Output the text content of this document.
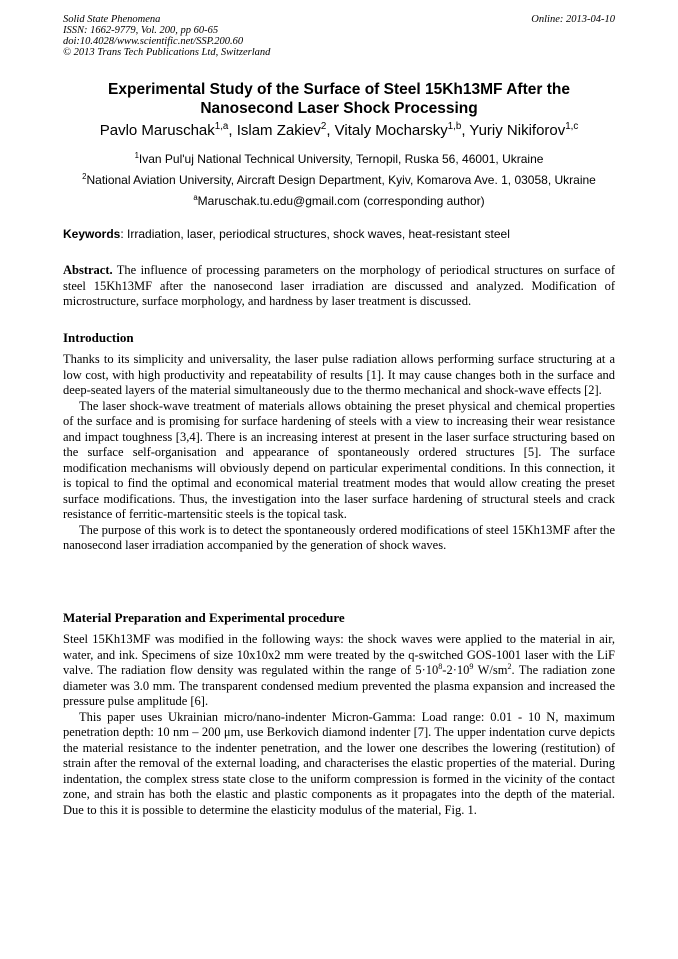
Solid State Phenomena
ISSN: 1662-9779, Vol. 200, pp 60-65
doi:10.4028/www.scientific.net/SSP.200.60
© 2013 Trans Tech Publications Ltd, Switzerland
Online: 2013-04-10
Experimental Study of the Surface of Steel 15Kh13MF After the
Nanosecond Laser Shock Processing
Pavlo Maruschak$^{1,a}$, Islam Zakiev$^2$, Vitaly Mocharsky$^{1,b}$, Yuriy Nikiforov$^{1,c}$
$^1$Ivan Pul'uj National Technical University, Ternopil, Ruska 56, 46001, Ukraine
$^2$National Aviation University, Aircraft Design Department, Kyiv, Komarova Ave. 1, 03058, Ukraine
$^a$Maruschak.tu.edu@gmail.com (corresponding author)
Keywords: Irradiation, laser, periodical structures, shock waves, heat-resistant steel
Abstract. The influence of processing parameters on the morphology of periodical structures on surface of steel 15Kh13MF after the nanosecond laser irradiation are discussed and analyzed. Modification of microstructure, surface morphology, and hardness by laser treatment is discussed.
Introduction

Thanks to its simplicity and universality, the laser pulse radiation allows performing surface structuring at a low cost, with high productivity and repeatability of results [1]. It may cause changes both in the surface and deep-seated layers of the material simultaneously due to the thermo mechanical and shock-wave effects [2].

The laser shock-wave treatment of materials allows obtaining the preset physical and chemical properties of the surface and is promising for surface hardening of steels with a view to increasing their wear resistance and impact toughness [3,4]. There is an increasing interest at present in the laser surface structuring based on the surface self-organisation and appearance of spontaneously ordered structures [5]. The surface modification mechanisms will obviously depend on particular experimental conditions. In this connection, it is topical to find the optimal and economical material treatment modes that would allow creating the preset surface modifications. Thus, the investigation into the laser surface hardening of structural steels and crack resistance of ferritic-martensitic steels is the topical task.

The purpose of this work is to detect the spontaneously ordered modifications of steel 15Kh13MF after the nanosecond laser irradiation accompanied by the generation of shock waves.

Material Preparation and Experimental procedure

Steel 15Kh13MF was modified in the following ways: the shock waves were applied to the material in air, water, and ink. Specimens of size 10x10x2 mm were treated by the q-switched GOS-1001 laser with the LiF valve. The radiation flow density was regulated within the range of $5\cdot 10^8-2\cdot 10^9$ $W/sm^2$. The radiation zone diameter was 3.0 mm. The transparent condensed medium prevented the plasma expansion and increased the pressure pulse amplitude [6].

This paper uses Ukrainian micro/nano-indenter Micron-Gamma: Load range: 0.01 - 10 N, maximum penetration depth: 10 nm – 200 μm, use Berkovich diamond indenter [7]. The upper indentation curve depicts the material resistance to the indenter penetration, and the lower one describes the lowering (restitution) of strain after the removal of the external loading, and characterises the elastic properties of the material. During indentation, the complex stress state close to the uniform compression is formed in the vicinity of the contact zone, and strain has both the elastic and plastic components as it propagates into the depth of the material. Due to this it is possible to determine the elasticity modulus of the material, Fig. 1.
